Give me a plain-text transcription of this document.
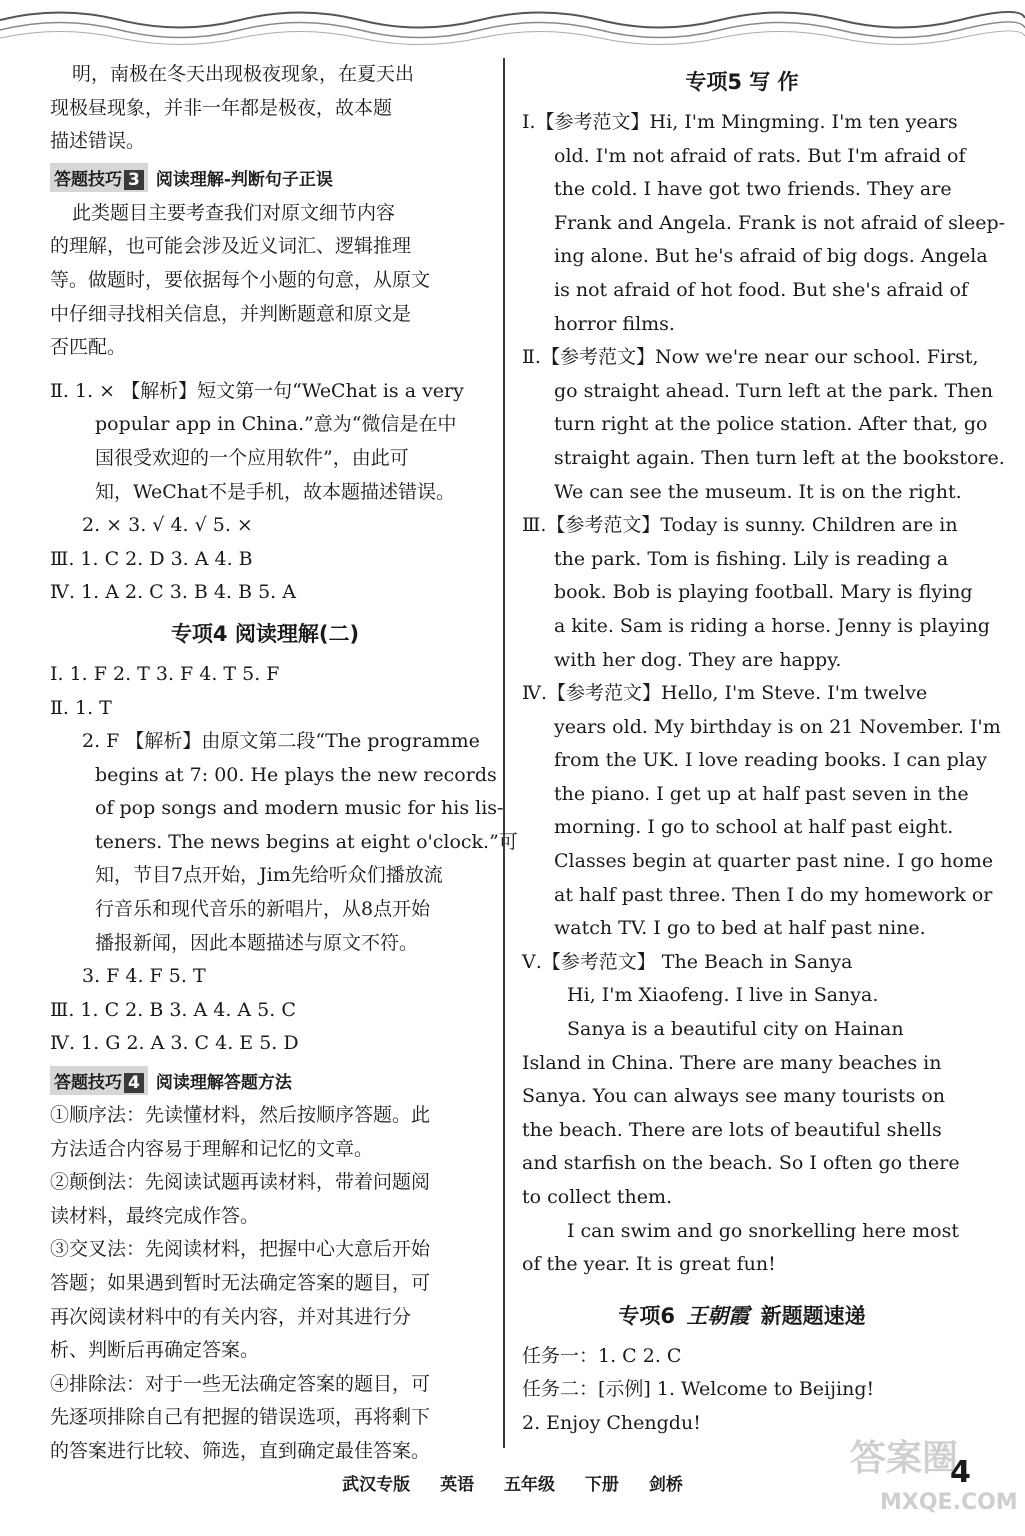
明，南极在冬天出现极夜现象，在夏天出
现极昼现象，并非一年都是极夜，故本题
描述错误。
答题技巧 3 阅读理解-判断句子正误
此类题目主要考查我们对原文细节内容
的理解，也可能会涉及近义词汇、逻辑推理
等。做题时，要依据每个小题的句意，从原文
中仔细寻找相关信息，并判断题意和原文是
否匹配。
Ⅱ. 1. × 【解析】短文第一句“WeChat is a very
popular app in China.”意为“微信是在中
国很受欢迎的一个应用软件”，由此可
知，WeChat不是手机，故本题描述错误。
2. × 3. √ 4. √ 5. ×
Ⅲ. 1. C 2. D 3. A 4. B
Ⅳ. 1. A 2. C 3. B 4. B 5. A
专项4 阅读理解(二)
Ⅰ. 1. F 2. T 3. F 4. T 5. F
Ⅱ. 1. T
2. F 【解析】由原文第二段“The programme
begins at 7: 00. He plays the new records
of pop songs and modern music for his lis-
teners. The news begins at eight o'clock.”可
知，节目7点开始，Jim先给听众们播放流
行音乐和现代音乐的新唱片，从8点开始
播报新闻，因此本题描述与原文不符。
3. F 4. F 5. T
Ⅲ. 1. C 2. B 3. A 4. A 5. C
Ⅳ. 1. G 2. A 3. C 4. E 5. D
答题技巧 4 阅读理解答题方法
①顺序法：先读懂材料，然后按顺序答题。此
方法适合内容易于理解和记忆的文章。
②颠倒法：先阅读试题再读材料，带着问题阅
读材料，最终完成作答。
③交叉法：先阅读材料，把握中心大意后开始
答题；如果遇到暂时无法确定答案的题目，可
再次阅读材料中的有关内容，并对其进行分
析、判断后再确定答案。
④排除法：对于一些无法确定答案的题目，可
先逐项排除自己有把握的错误选项，再将剩下
的答案进行比较、筛选，直到确定最佳答案。
专项5 写 作
Ⅰ.【参考范文】Hi, I'm Mingming. I'm ten years
old. I'm not afraid of rats. But I'm afraid of
the cold. I have got two friends. They are
Frank and Angela. Frank is not afraid of sleep-
ing alone. But he's afraid of big dogs. Angela
is not afraid of hot food. But she's afraid of
horror films.
Ⅱ.【参考范文】Now we're near our school. First,
go straight ahead. Turn left at the park. Then
turn right at the police station. After that, go
straight again. Then turn left at the bookstore.
We can see the museum. It is on the right.
Ⅲ.【参考范文】Today is sunny. Children are in
the park. Tom is fishing. Lily is reading a
book. Bob is playing football. Mary is flying
a kite. Sam is riding a horse. Jenny is playing
with her dog. They are happy.
Ⅳ.【参考范文】Hello, I'm Steve. I'm twelve
years old. My birthday is on 21 November. I'm
from the UK. I love reading books. I can play
the piano. I get up at half past seven in the
morning. I go to school at half past eight.
Classes begin at quarter past nine. I go home
at half past three. Then I do my homework or
watch TV. I go to bed at half past nine.
Ⅴ.【参考范文】 The Beach in Sanya
Hi, I'm Xiaofeng. I live in Sanya.
Sanya is a beautiful city on Hainan
Island in China. There are many beaches in
Sanya. You can always see many tourists on
the beach. There are lots of beautiful shells
and starfish on the beach. So I often go there
to collect them.
I can swim and go snorkelling here most
of the year. It is great fun!
专项6 王朝霞 新题题速递
任务一：1. C 2. C
任务二：[示例] 1. Welcome to Beijing!
2. Enjoy Chengdu!
答案圈
MXQE.COM
武汉专版 英语 五年级 下册 剑桥	4
